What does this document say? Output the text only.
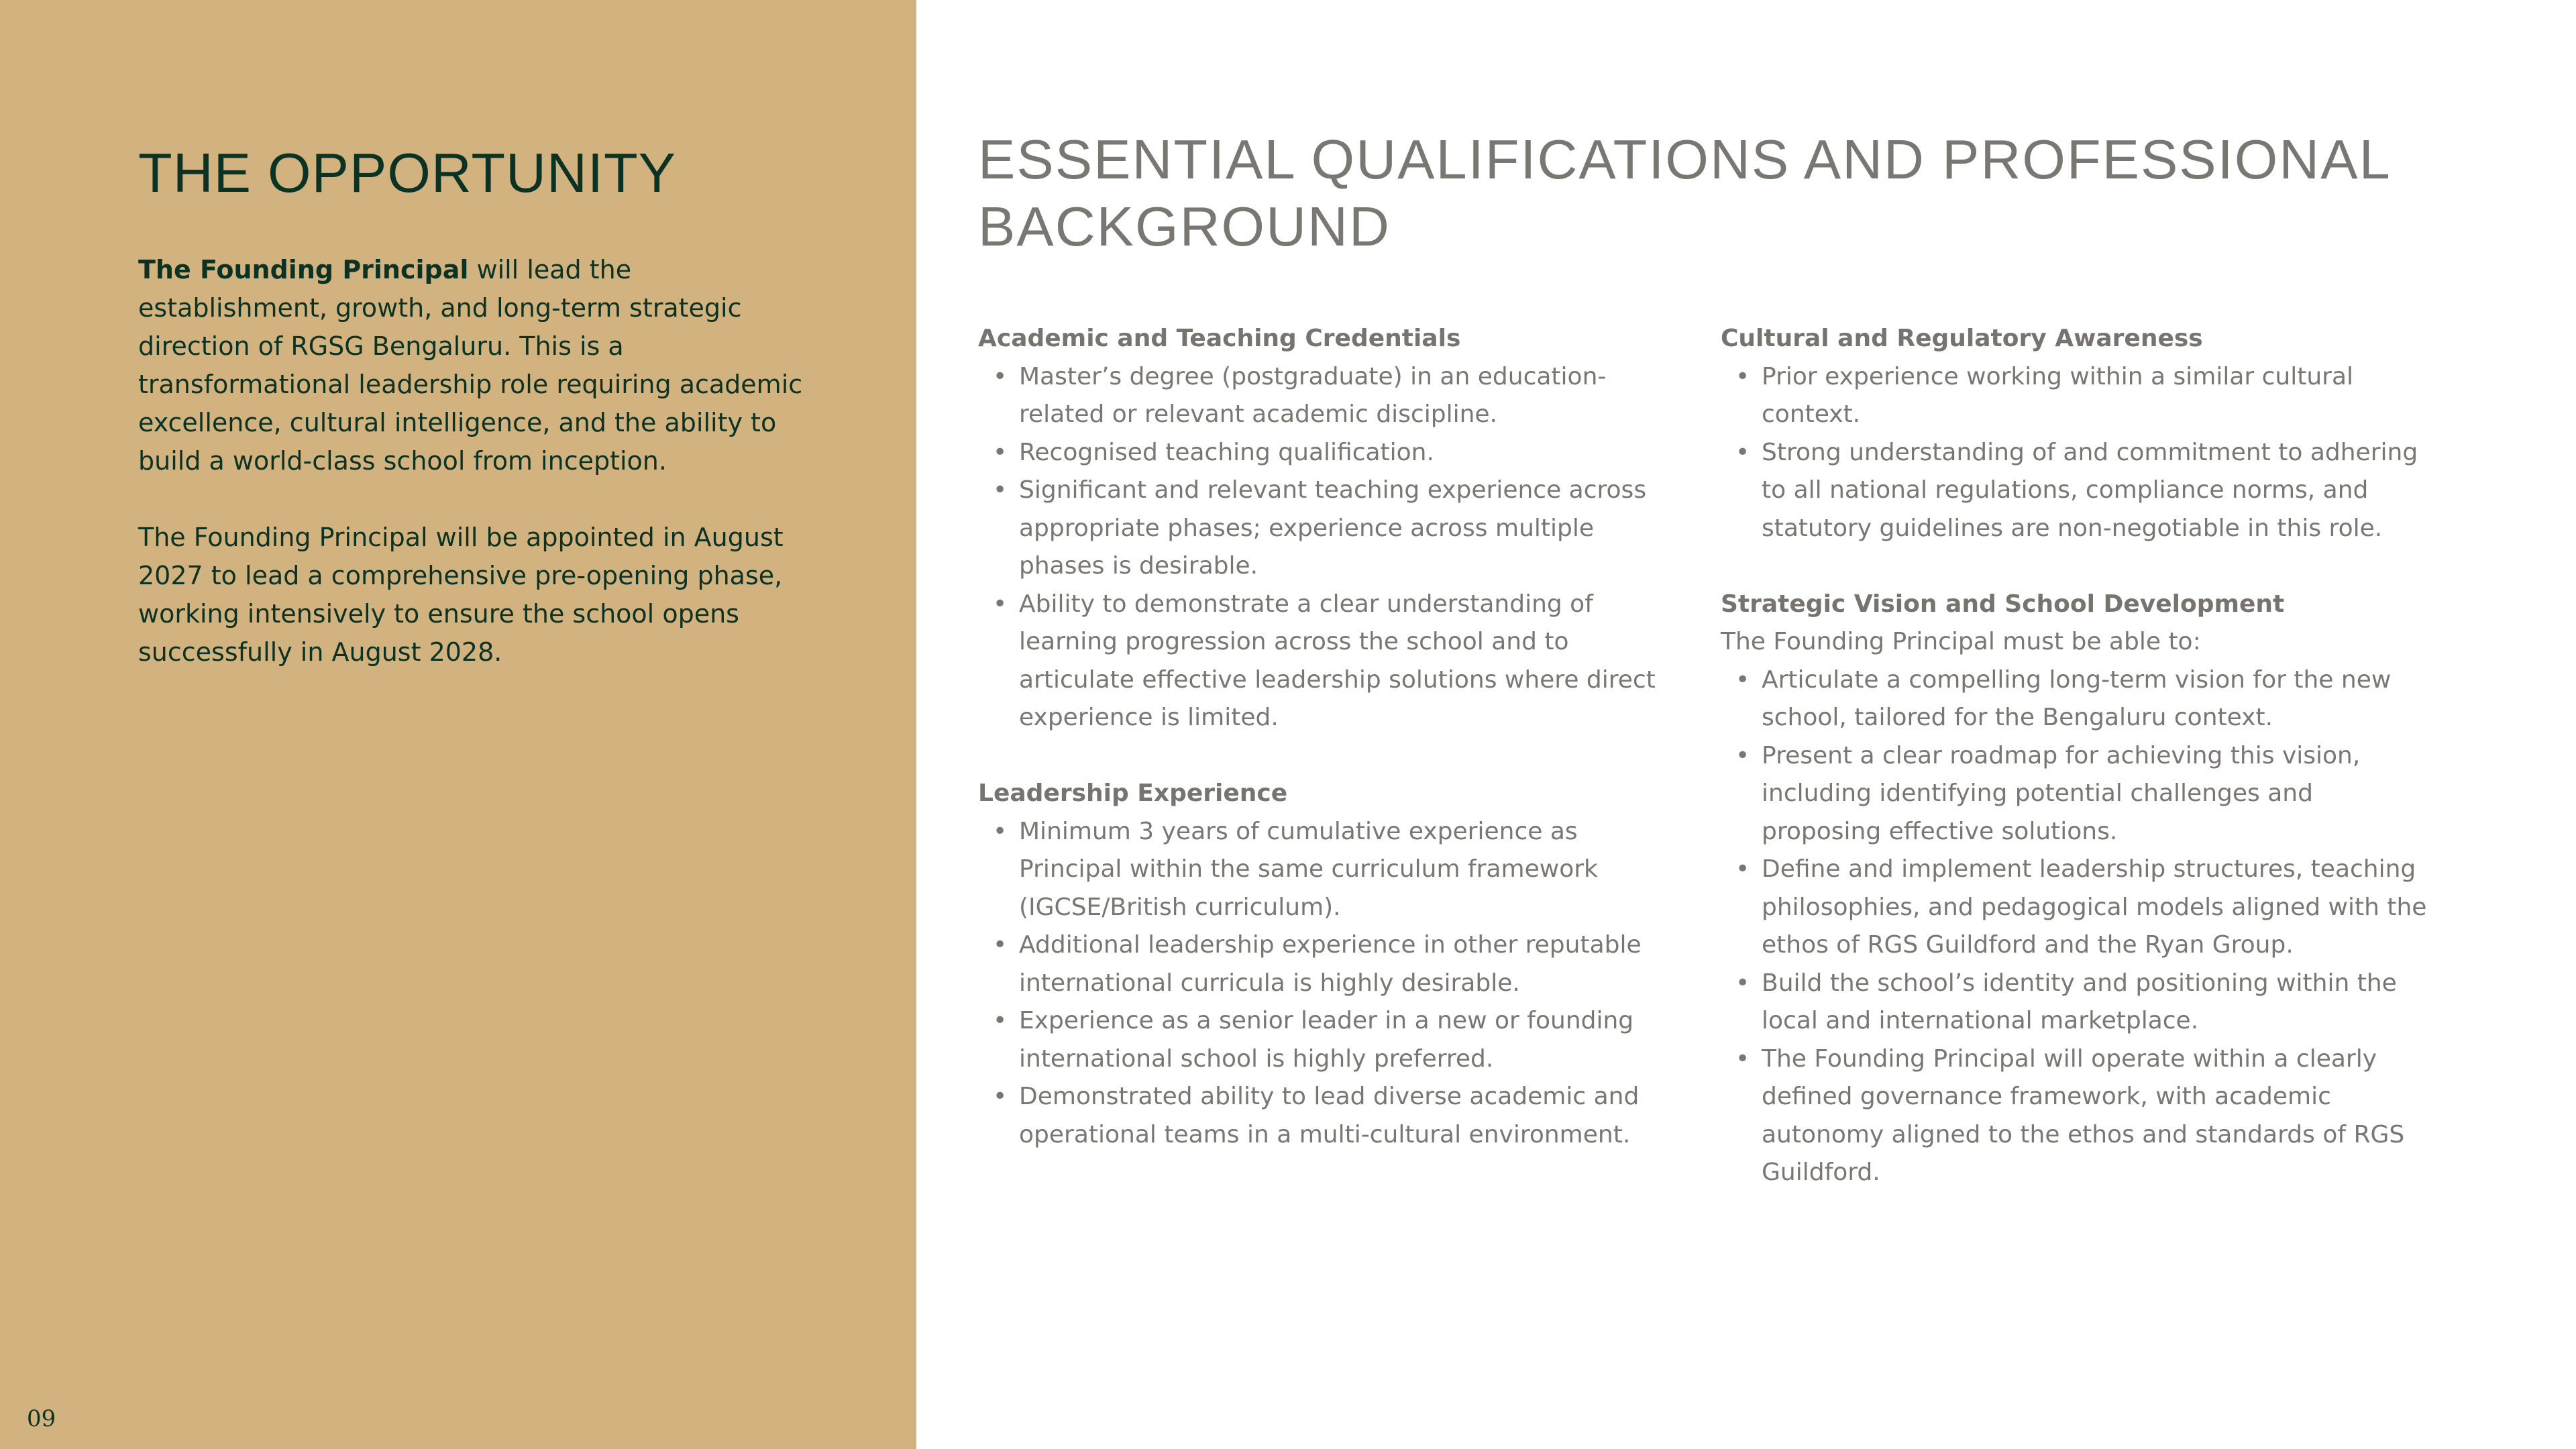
THE OPPORTUNITY

The Founding Principal will lead the establishment, growth, and long-term strategic direction of RGSG Bengaluru. This is a transformational leadership role requiring academic excellence, cultural intelligence, and the ability to build a world-class school from inception.

The Founding Principal will be appointed in August 2027 to lead a comprehensive pre-opening phase, working intensively to ensure the school opens successfully in August 2028.

09
ESSENTIAL QUALIFICATIONS AND PROFESSIONAL BACKGROUND

Academic and Teaching Credentials

• Master’s degree (postgraduate) in an education-related or relevant academic discipline.
• Recognised teaching qualification.
• Significant and relevant teaching experience across appropriate phases; experience across multiple phases is desirable.
• Ability to demonstrate a clear understanding of learning progression across the school and to articulate effective leadership solutions where direct experience is limited.

Leadership Experience

• Minimum 3 years of cumulative experience as Principal within the same curriculum framework (IGCSE/British curriculum).
• Additional leadership experience in other reputable international curricula is highly desirable.
• Experience as a senior leader in a new or founding international school is highly preferred.
• Demonstrated ability to lead diverse academic and operational teams in a multi-cultural environment.

Cultural and Regulatory Awareness

• Prior experience working within a similar cultural context.
• Strong understanding of and commitment to adhering to all national regulations, compliance norms, and statutory guidelines are non-negotiable in this role.

Strategic Vision and School Development

The Founding Principal must be able to:

• Articulate a compelling long-term vision for the new school, tailored for the Bengaluru context.
• Present a clear roadmap for achieving this vision, including identifying potential challenges and proposing effective solutions.
• Define and implement leadership structures, teaching philosophies, and pedagogical models aligned with the ethos of RGS Guildford and the Ryan Group.
• Build the school’s identity and positioning within the local and international marketplace.
• The Founding Principal will operate within a clearly defined governance framework, with academic autonomy aligned to the ethos and standards of RGS Guildford.
